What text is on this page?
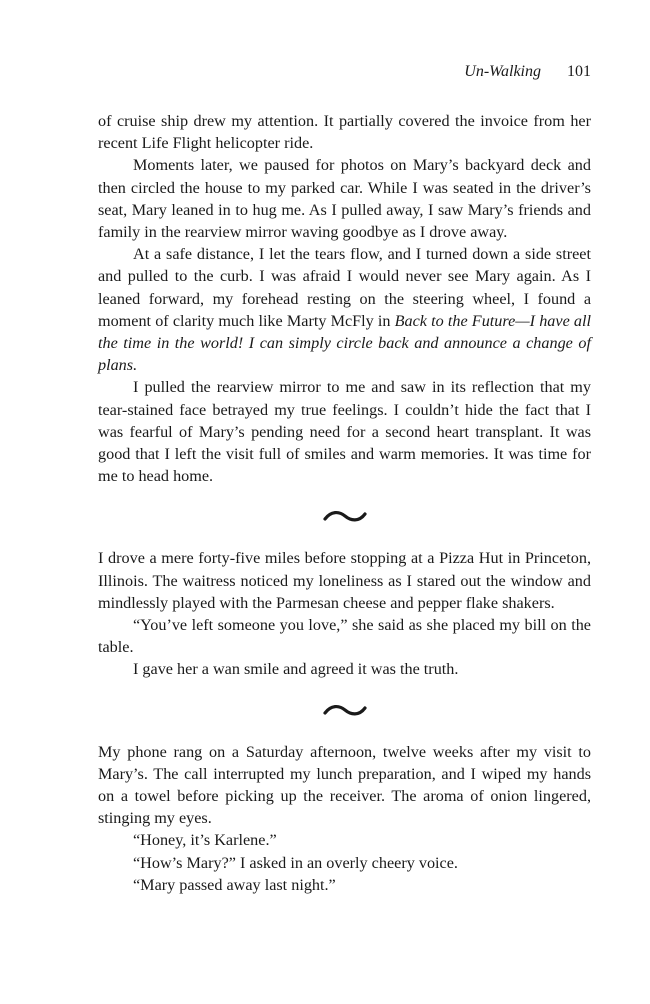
Un-Walking 101

of cruise ship drew my attention. It partially covered the invoice from her recent Life Flight helicopter ride.

Moments later, we paused for photos on Mary’s backyard deck and then circled the house to my parked car. While I was seated in the driver’s seat, Mary leaned in to hug me. As I pulled away, I saw Mary’s friends and family in the rearview mirror waving goodbye as I drove away.

At a safe distance, I let the tears flow, and I turned down a side street and pulled to the curb. I was afraid I would never see Mary again. As I leaned forward, my forehead resting on the steering wheel, I found a moment of clarity much like Marty McFly in Back to the Future—I have all the time in the world! I can simply circle back and announce a change of plans.

I pulled the rearview mirror to me and saw in its reflection that my tear-stained face betrayed my true feelings. I couldn’t hide the fact that I was fearful of Mary’s pending need for a second heart transplant. It was good that I left the visit full of smiles and warm memories. It was time for me to head home.

I drove a mere forty-five miles before stopping at a Pizza Hut in Princeton, Illinois. The waitress noticed my loneliness as I stared out the window and mindlessly played with the Parmesan cheese and pepper flake shakers.

“You’ve left someone you love,” she said as she placed my bill on the table.

I gave her a wan smile and agreed it was the truth.

My phone rang on a Saturday afternoon, twelve weeks after my visit to Mary’s. The call interrupted my lunch preparation, and I wiped my hands on a towel before picking up the receiver. The aroma of onion lingered, stinging my eyes.

“Honey, it’s Karlene.”

“How’s Mary?” I asked in an overly cheery voice.

“Mary passed away last night.”
